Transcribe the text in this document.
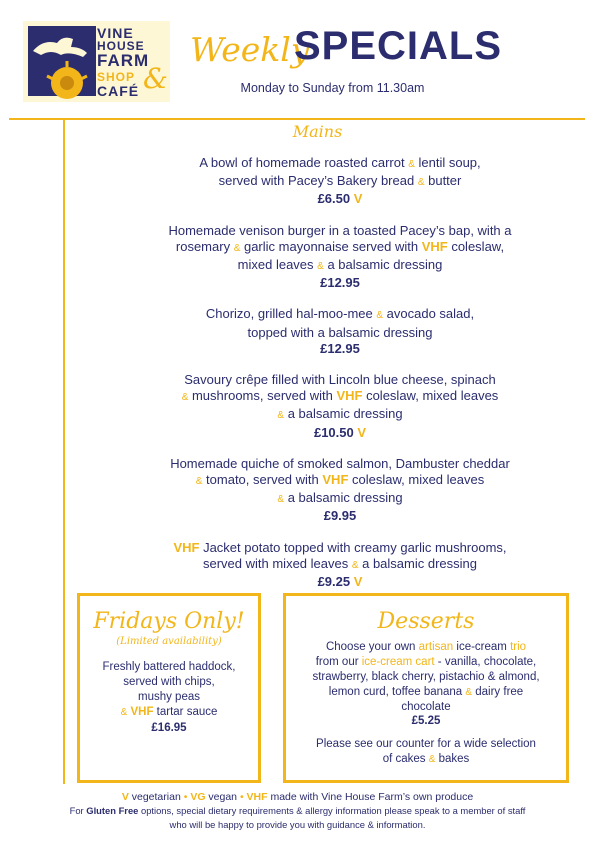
VINE
HOUSE
FARM
SHOP
CAFÉ &
Weekly
SPECIALS
Monday to Sunday from 11.30am
Mains
A bowl of homemade roasted carrot & lentil soup,
served with Pacey’s Bakery bread & butter
£6.50 V
Homemade venison burger in a toasted Pacey’s bap, with a
rosemary & garlic mayonnaise served with VHF coleslaw,
mixed leaves & a balsamic dressing
£12.95
Chorizo, grilled hal-moo-mee & avocado salad,
topped with a balsamic dressing
£12.95
Savoury crêpe filled with Lincoln blue cheese, spinach
& mushrooms, served with VHF coleslaw, mixed leaves
& a balsamic dressing
£10.50 V
Homemade quiche of smoked salmon, Dambuster cheddar
& tomato, served with VHF coleslaw, mixed leaves
& a balsamic dressing
£9.95
VHF Jacket potato topped with creamy garlic mushrooms,
served with mixed leaves & a balsamic dressing
£9.25 V
Fridays Only!
(Limited availability)
Freshly battered haddock,
served with chips,
mushy peas
& VHF tartar sauce
£16.95
Desserts
Choose your own artisan ice-cream trio
from our ice-cream cart - vanilla, chocolate,
strawberry, black cherry, pistachio & almond,
lemon curd, toffee banana & dairy free
chocolate
£5.25
Please see our counter for a wide selection
of cakes & bakes
V vegetarian • VG vegan • VHF made with Vine House Farm’s own produce
For Gluten Free options, special dietary requirements & allergy information please speak to a member of staff
who will be happy to provide you with guidance & information.
